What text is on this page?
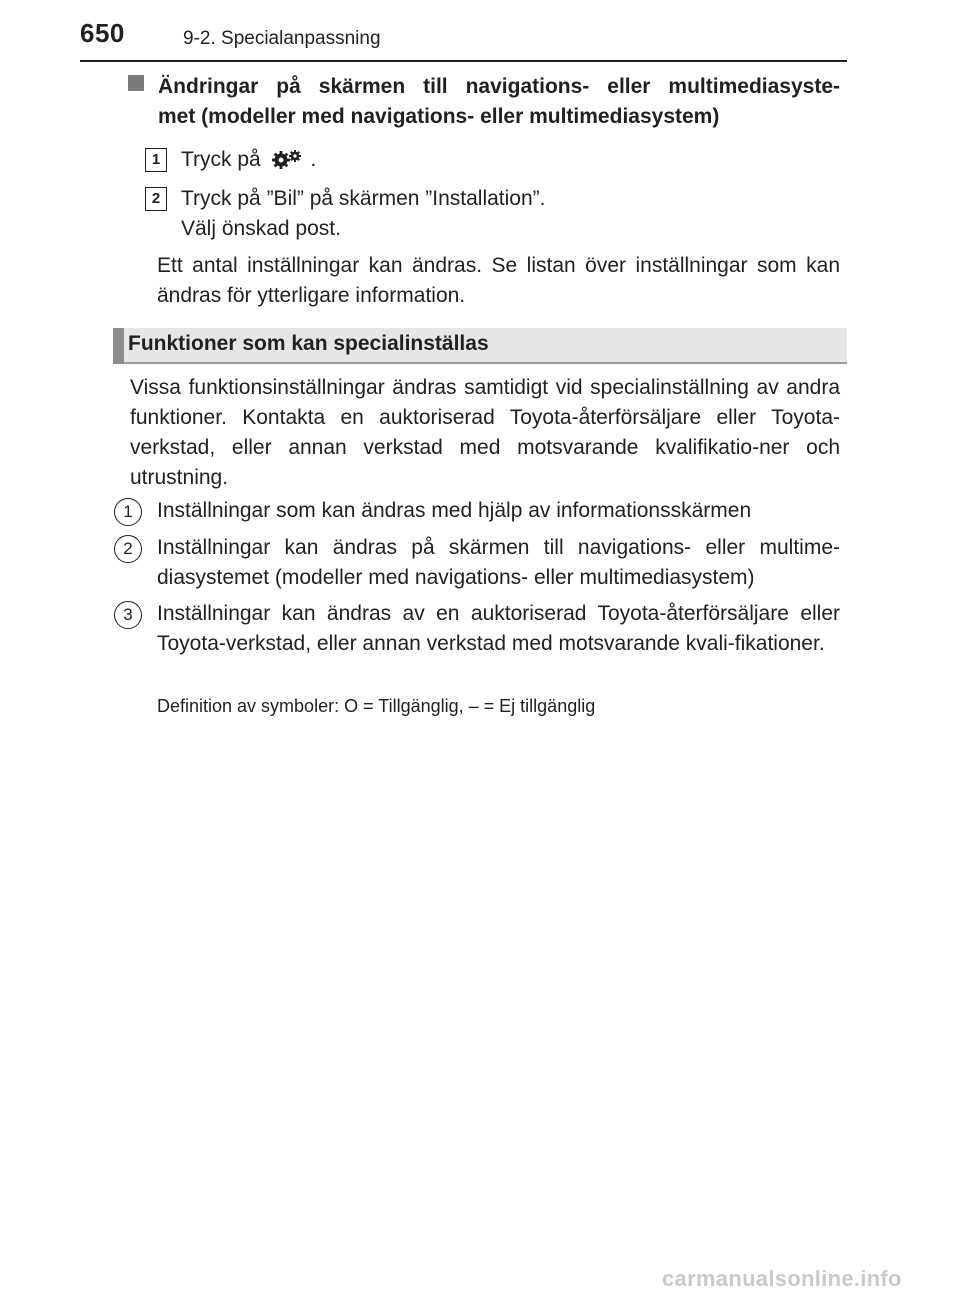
650	9-2. Specialanpassning
Ändringar på skärmen till navigations- eller multimediasyste-
met (modeller med navigations- eller multimediasystem)
1 Tryck på .
2 Tryck på ”Bil” på skärmen ”Installation”.
Välj önskad post.
Ett antal inställningar kan ändras. Se listan över inställningar som kan ändras för ytterligare information.
Funktioner som kan specialinställas
Vissa funktionsinställningar ändras samtidigt vid specialinställning av andra funktioner. Kontakta en auktoriserad Toyota-återförsäljare eller Toyota-verkstad, eller annan verkstad med motsvarande kvalifikatio-ner och utrustning.
1	Inställningar som kan ändras med hjälp av informationsskärmen
2	Inställningar kan ändras på skärmen till navigations- eller multime-diasystemet (modeller med navigations- eller multimediasystem)
3	Inställningar kan ändras av en auktoriserad Toyota-återförsäljare eller Toyota-verkstad, eller annan verkstad med motsvarande kvali-fikationer.
Definition av symboler: O = Tillgänglig, – = Ej tillgänglig
carmanualsonline.info
